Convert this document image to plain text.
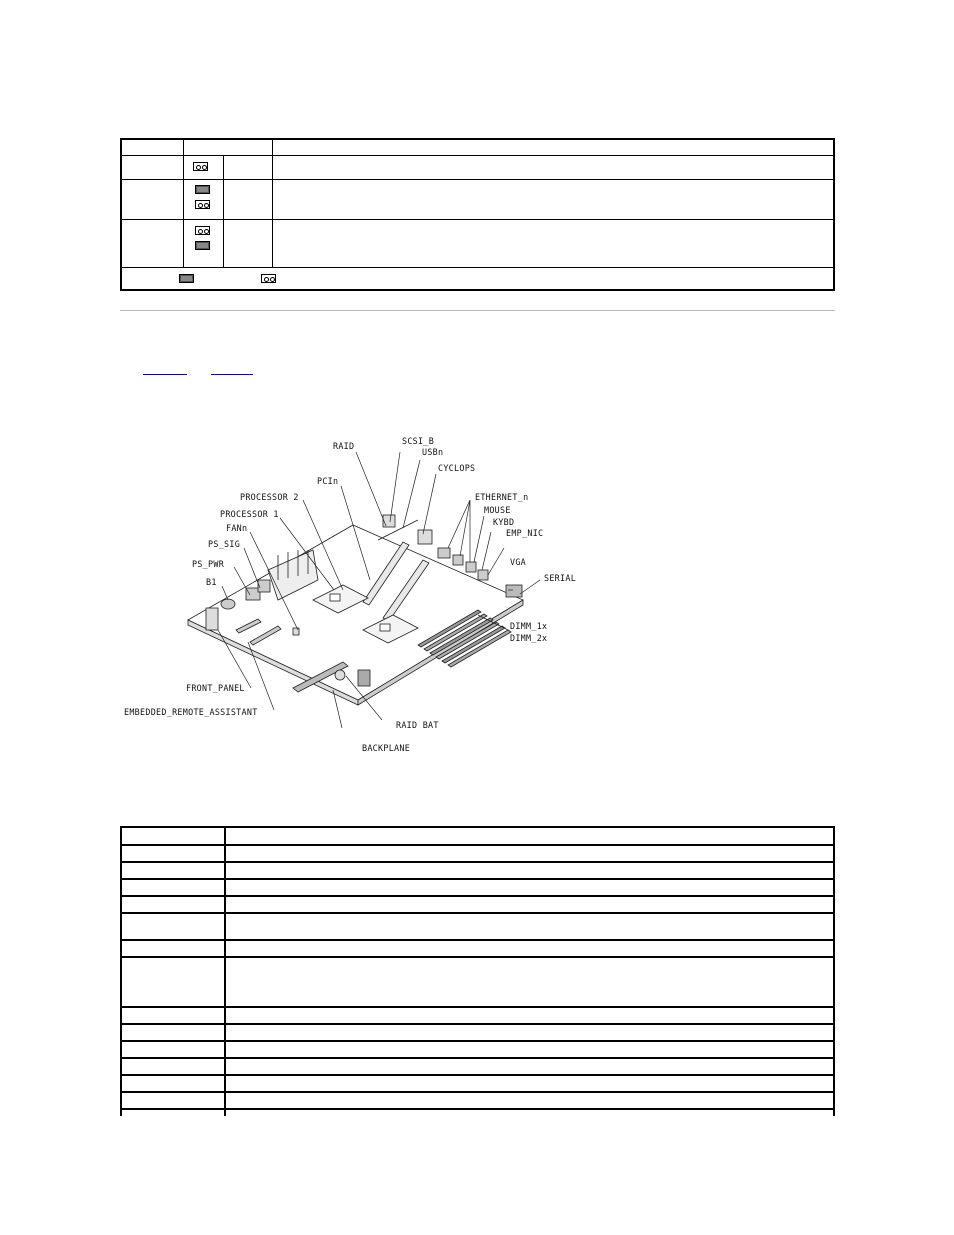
RAID	SCSI_B
USBn
CYCLOPS
PCIn
PROCESSOR 2
PROCESSOR 1
FANn
PS_SIG
PS_PWR
B1
ETHERNET_n
MOUSE
KYBD
EMP_NIC
VGA
SERIAL
DIMM_1x
DIMM_2x
FRONT_PANEL
EMBEDDED_REMOTE_ASSISTANT
RAID BAT
BACKPLANE
